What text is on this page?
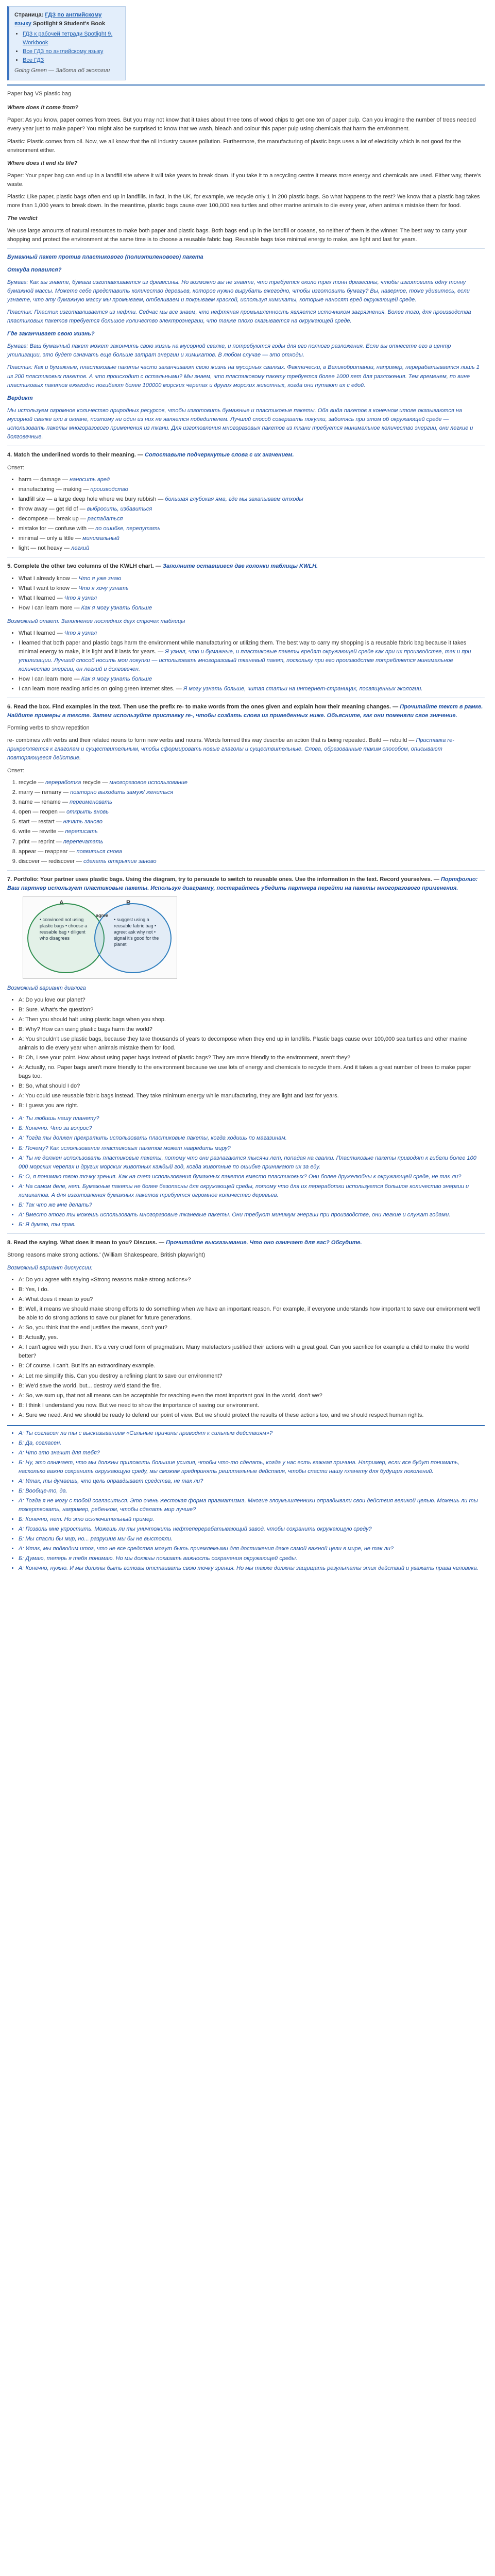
Страница: ГДЗ по английскому языку Spotlight 9 Student's Book

• ГДЗ к рабочей тетради Spotlight 9. Workbook
• Все ГДЗ по английскому языку
• Все ГДЗ

Going Green — Забота об экологии

Paper bag VS plastic bag

Where does it come from?

Paper: As you know, paper comes from trees. But you may not know that it takes about three tons of wood chips to get one ton of paper pulp. Can you imagine the number of trees needed every year just to make paper? You might also be surprised to know that we wash, bleach and colour this paper pulp using chemicals that harm the environment.

Plastic: Plastic comes from oil. Now, we all know that the oil industry causes pollution. Furthermore, the manufacturing of plastic bags uses a lot of electricity which is not good for the environment either.

Where does it end its life?

Paper: Your paper bag can end up in a landfill site where it will take years to break down. If you take it to a recycling centre it means more energy and chemicals are used. Either way, there's waste.

Plastic: Like paper, plastic bags often end up in landfills. In fact, in the UK, for example, we recycle only 1 in 200 plastic bags. So what happens to the rest? We know that a plastic bag takes more than 1,000 years to break down. In the meantime, plastic bags cause over 100,000 sea turtles and other marine animals to die every year, when animals mistake them for food.

The verdict

We use large amounts of natural resources to make both paper and plastic bags. Both bags end up in the landfill or oceans, so neither of them is the winner. The best way to carry your shopping and protect the environment at the same time is to choose a reusable fabric bag. Reusable bags take minimal energy to make, are light and last for years.

Бумажный пакет против пластикового (полиэтиленового) пакета

Откуда появился?

Бумага: Как вы знаете, бумага изготавливается из древесины. Но возможно вы не знаете, что требуется около трех тонн древесины, чтобы изготовить одну тонну бумажной массы. Можете себе представить количество деревьев, которое нужно вырубать ежегодно, чтобы изготовить бумагу? Вы, наверное, тоже удивитесь, если узнаете, что эту бумажную массу мы промываем, отбеливаем и покрываем краской, используя химикаты, которые наносят вред окружающей среде.

Пластик: Пластик изготавливается из нефти. Сейчас мы все знаем, что нефтяная промышленность является источником загрязнения. Более того, для производства пластиковых пакетов требуется большое количество электроэнергии, что также плохо сказывается на окружающей среде.

Где заканчивает свою жизнь?

Бумага: Ваш бумажный пакет может закончить свою жизнь на мусорной свалке, и потребуются годы для его полного разложения. Если вы отнесете его в центр утилизации, это будет означать еще больше затрат энергии и химикатов. В любом случае — это отходы.

Пластик: Как и бумажные, пластиковые пакеты часто заканчивают свою жизнь на мусорных свалках. Фактически, в Великобритании, например, перерабатывается лишь 1 из 200 пластиковых пакетов. А что происходит с остальными? Мы знаем, что пластиковому пакету требуется более 1000 лет для разложения. Тем временем, по вине пластиковых пакетов ежегодно погибают более 100000 морских черепах и других морских животных, когда они путают их с едой.

Вердикт

Мы используем огромное количество природных ресурсов, чтобы изготовить бумажные и пластиковые пакеты. Оба вида пакетов в конечном итоге оказываются на мусорной свалке или в океане, поэтому ни один из них не является победителем. Лучший способ совершать покупки, заботясь при этом об окружающей среде — использовать пакеты многоразового применения из ткани. Для изготовления многоразовых пакетов из ткани требуется минимальное количество энергии, они легкие и долговечные.

4. Match the underlined words to their meaning. — Сопоставьте подчеркнутые слова с их значением.

Ответ:

• harm — damage — наносить вред
• manufacturing — making — производство
• landfill site — a large deep hole where we bury rubbish — большая глубокая яма, где мы закапываем отходы
• throw away — get rid of — выбросить, избавиться
• decompose — break up — распадаться
• mistake for — confuse with — по ошибке, перепутать
• minimal — only a little — минимальный
• light — not heavy — легкий

5. Complete the other two columns of the KWLH chart. — Заполните оставшиеся две колонки таблицы KWLH.

• What I already know — Что я уже знаю
• What I want to know — Что я хочу узнать
• What I learned — Что я узнал
• How I can learn more — Как я могу узнать больше

Возможный ответ: Заполнение последних двух строчек таблицы

• What I learned — Что я узнал
• I learned that both paper and plastic bags harm the environment while manufacturing or utilizing them. The best way to carry my shopping is a reusable fabric bag because it takes minimal energy to make, it is light and it lasts for years. — Я узнал, что и бумажные, и пластиковые пакеты вредят окружающей среде как при их производстве, так и при утилизации. Лучший способ носить мои покупки — использовать многоразовый тканевый пакет, поскольку при его производстве потребляется минимальное количество энергии, он легкий и долговечен.
• How I can learn more — Как я могу узнать больше
• I can learn more reading articles on going green Internet sites. — Я могу узнать больше, читая статьи на интернет-страницах, посвященных экологии.

6. Read the box. Find examples in the text. Then use the prefix re- to make words from the ones given and explain how their meaning changes. — Прочитайте текст в рамке. Найдите примеры в тексте. Затем используйте приставку re-, чтобы создать слова из приведенных ниже. Объясните, как они поменяли свое значение.

Forming verbs to show repetition

re- combines with verbs and their related nouns to form new verbs and nouns. Words formed this way describe an action that is being repeated. Build — rebuild — Приставка re- прикрепляется к глаголам и существительным, чтобы сформировать новые глаголы и существительные. Слова, образованные таким способом, описывают повторяющееся действие.

Ответ:

1. recycle — переработка recycle — многоразовое использование
2. marry — remarry — повторно выходить замуж/ жениться
3. name — rename — переименовать
4. open — reopen — открыть вновь
5. start — restart — начать заново
6. write — rewrite — переписать
7. print — reprint — перепечатать
8. appear — reappear — появиться снова
9. discover — rediscover — сделать открытие заново

7. Portfolio: Your partner uses plastic bags. Using the diagram, try to persuade to switch to reusable ones. Use the information in the text. Record yourselves. — Портфолио: Ваш партнер использует пластиковые пакеты. Используя диаграмму, постарайтесь убедить партнера перейти на пакеты многоразового применения.

A	B
• convinced not using plastic bags • choose a reusable bag • diligent who disagrees
• suggest using a reusable fabric bag • agree: ask why not • signal it's good for the planet
agree

Возможный вариант диалога

• A: Do you love our planet?
• B: Sure. What's the question?
• A: Then you should halt using plastic bags when you shop.
• B: Why? How can using plastic bags harm the world?
• A: You shouldn't use plastic bags, because they take thousands of years to decompose when they end up in landfills. Plastic bags cause over 100,000 sea turtles and other marine animals to die every year when animals mistake them for food.
• B: Oh, I see your point. How about using paper bags instead of plastic bags? They are more friendly to the environment, aren't they?
• A: Actually, no. Paper bags aren't more friendly to the environment because we use lots of energy and chemicals to recycle them. And it takes a great number of trees to make paper bags too.
• B: So, what should I do?
• A: You could use reusable fabric bags instead. They take minimum energy while manufacturing, they are light and last for years.
• B: I guess you are right.
• А: Ты любишь нашу планету?
• Б: Конечно. Что за вопрос?
• А: Тогда ты должен прекратить использовать пластиковые пакеты, когда ходишь по магазинам.
• Б: Почему? Как использование пластиковых пакетов может навредить миру?
• А: Ты не должен использовать пластиковые пакеты, потому что они разлагаются тысячи лет, попадая на свалки. Пластиковые пакеты приводят к гибели более 100 000 морских черепах и других морских животных каждый год, когда животные по ошибке принимают их за еду.
• Б: О, я понимаю твою точку зрения. Как на счет использования бумажных пакетов вместо пластиковых? Они более дружелюбны к окружающей среде, не так ли?
• А: На самом деле, нет. Бумажные пакеты не более безопасны для окружающей среды, потому что для их переработки используется большое количество энергии и химикатов. А для изготовления бумажных пакетов требуется огромное количество деревьев.
• Б: Так что же мне делать?
• А: Вместо этого ты можешь использовать многоразовые тканевые пакеты. Они требуют минимум энергии при производстве, они легкие и служат годами.
• Б: Я думаю, ты прав.

8. Read the saying. What does it mean to you? Discuss. — Прочитайте высказывание. Что оно означает для вас? Обсудите.

Strong reasons make strong actions.' (William Shakespeare, British playwright)

Возможный вариант дискуссии:

• A: Do you agree with saying «Strong reasons make strong actions»?
• B: Yes, I do.
• A: What does it mean to you?
• B: Well, it means we should make strong efforts to do something when we have an important reason. For example, if everyone understands how important to save our environment we'll be able to do strong actions to save our planet for future generations.
• A: So, you think that the end justifies the means, don't you?
• B: Actually, yes.
• A: I can't agree with you then. It's a very cruel form of pragmatism. Many malefactors justified their actions with a great goal. Can you sacrifice for example a child to make the world better?
• B: Of course. I can't. But it's an extraordinary example.
• A: Let me simplify this. Can you destroy a refining plant to save our environment?
• B: We'd save the world, but... destroy we'd stand the fire.
• A: So, we sum up, that not all means can be acceptable for reaching even the most important goal in the world, don't we?
• B: I think I understand you now. But we need to show the importance of saving our environment.
• A: Sure we need. And we should be ready to defend our point of view. But we should protect the results of these actions too, and we should respect human rights.
• А: Ты согласен ли ты с высказыванием «Сильные причины приводят к сильным действиям»?
• Б: Да, согласен.
• А: Что это значит для тебя?
• Б: Ну, это означает, что мы должны приложить большие усилия, чтобы что-то сделать, когда у нас есть важная причина. Например, если все будут понимать, насколько важно сохранить окружающую среду, мы сможем предпринять решительные действия, чтобы спасти нашу планету для будущих поколений.
• А: Итак, ты думаешь, что цель оправдывает средства, не так ли?
• Б: Вообще-то, да.
• А: Тогда я не могу с тобой согласиться. Это очень жестокая форма прагматизма. Многие злоумышленники оправдывали свои действия великой целью. Можешь ли ты пожертвовать, например, ребенком, чтобы сделать мир лучше?
• Б: Конечно, нет. Но это исключительный пример.
• А: Позволь мне упростить. Можешь ли ты уничтожить нефтеперерабатывающий завод, чтобы сохранить окружающую среду?
• Б: Мы спасли бы мир, но... разрушив мы бы не выстояли.
• А: Итак, мы подводим итог, что не все средства могут быть приемлемыми для достижения даже самой важной цели в мире, не так ли?
• Б: Думаю, теперь я тебя понимаю. Но мы должны показать важность сохранения окружающей среды.
• А: Конечно, нужно. И мы должны быть готовы отстаивать свою точку зрения. Но мы также должны защищать результаты этих действий и уважать права человека.
